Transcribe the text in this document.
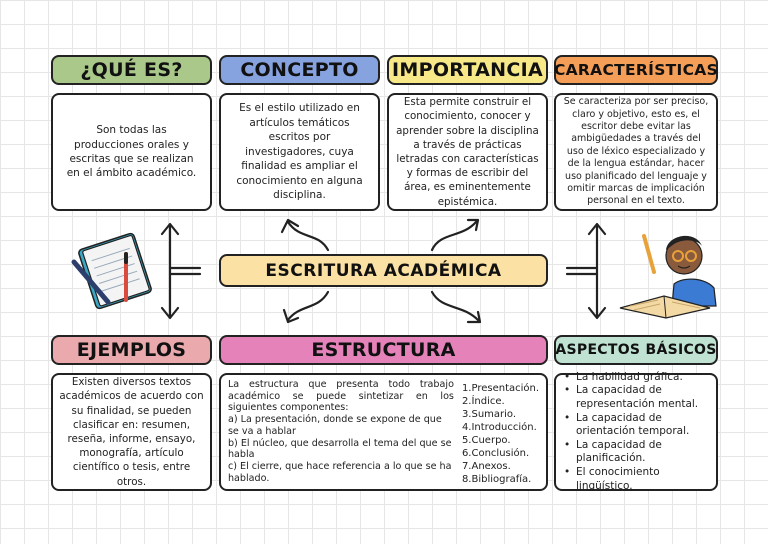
¿QUÉ ES?	CONCEPTO	IMPORTANCIA CARACTERÍSTICAS
Son todas las producciones orales y escritas que se realizan en el ámbito académico.
Es el estilo utilizado en artículos temáticos escritos por investigadores, cuya finalidad es ampliar el conocimiento en alguna disciplina.
Esta permite construir el conocimiento, conocer y aprender sobre la disciplina a través de prácticas letradas con características y formas de escribir del área, es eminentemente epistémica.
Se caracteriza por ser preciso, claro y objetivo, esto es, el escritor debe evitar las ambigüedades a través del uso de léxico especializado y de la lengua estándar, hacer uso planificado del lenguaje y omitir marcas de implicación personal en el texto.
ESCRITURA ACADÉMICA
EJEMPLOS	ESTRUCTURA	ASPECTOS BÁSICOS
Existen diversos textos académicos de acuerdo con su finalidad, se pueden clasificar en: resumen, reseña, informe, ensayo, monografía, artículo científico o tesis, entre otros.
La estructura que presenta todo trabajo académico se puede sintetizar en los siguientes componentes:
a) La presentación, donde se expone de que se va a hablar
b) El núcleo, que desarrolla el tema del que se habla
c) El cierre, que hace referencia a lo que se ha hablado.
1.Presentación.
2.Índice.
3.Sumario.
4.Introducción.
5.Cuerpo.
6.Conclusión.
7.Anexos.
8.Bibliografía.
• La habilidad gráfica.
• La capacidad de representación mental.
• La capacidad de orientación temporal.
• La capacidad de planificación.
• El conocimiento lingüístico.
